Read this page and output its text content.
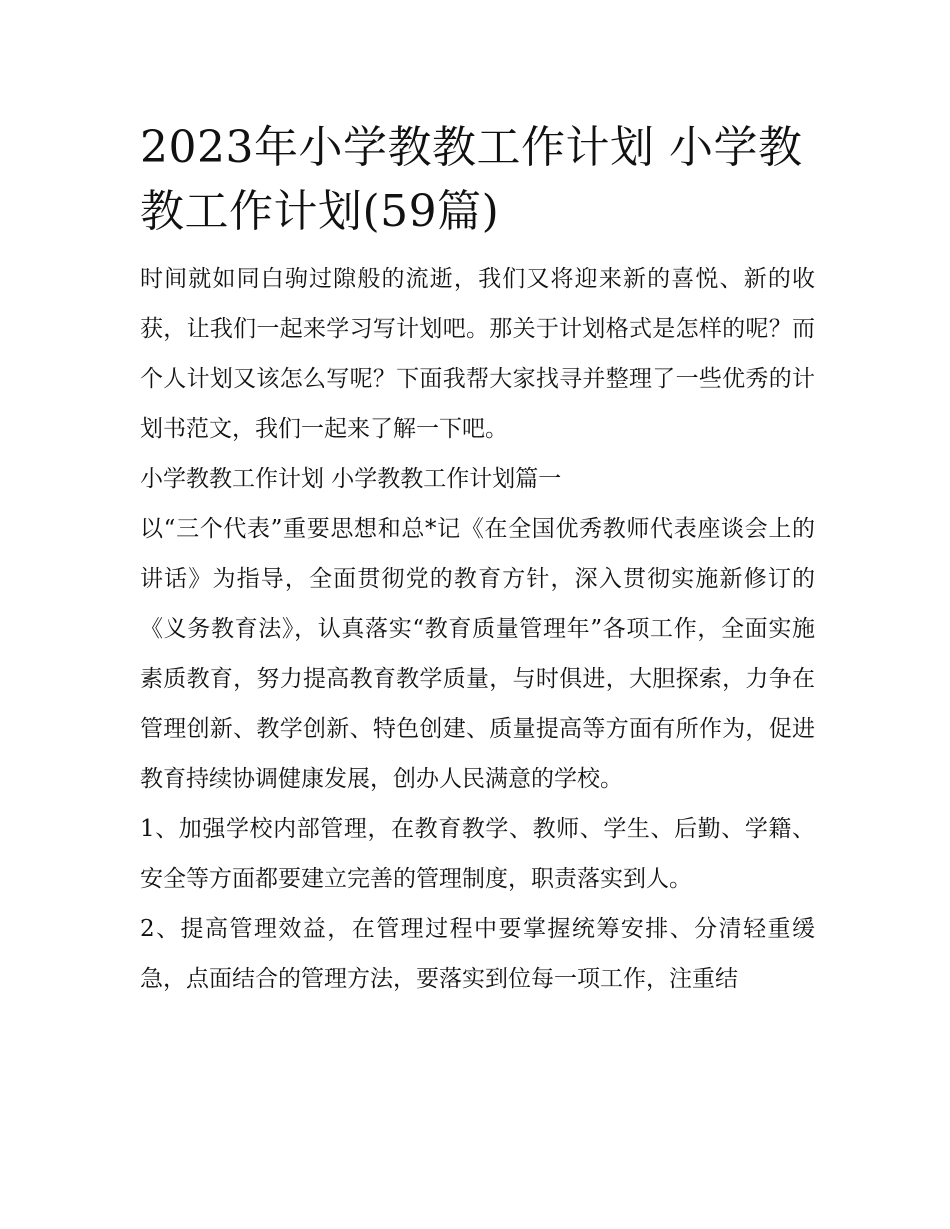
2023年小学教教工作计划 小学教教工作计划(59篇)

时间就如同白驹过隙般的流逝，我们又将迎来新的喜悦、新的收获，让我们一起来学习写计划吧。那关于计划格式是怎样的呢？而个人计划又该怎么写呢？下面我帮大家找寻并整理了一些优秀的计划书范文，我们一起来了解一下吧。

小学教教工作计划 小学教教工作计划篇一

以“三个代表”重要思想和总*记《在全国优秀教师代表座谈会上的讲话》为指导，全面贯彻党的教育方针，深入贯彻实施新修订的《义务教育法》，认真落实“教育质量管理年”各项工作，全面实施素质教育，努力提高教育教学质量，与时俱进，大胆探索，力争在管理创新、教学创新、特色创建、质量提高等方面有所作为，促进教育持续协调健康发展，创办人民满意的学校。

1、加强学校内部管理，在教育教学、教师、学生、后勤、学籍、安全等方面都要建立完善的管理制度，职责落实到人。

2、提高管理效益，在管理过程中要掌握统筹安排、分清轻重缓急，点面结合的管理方法，要落实到位每一项工作，注重结
